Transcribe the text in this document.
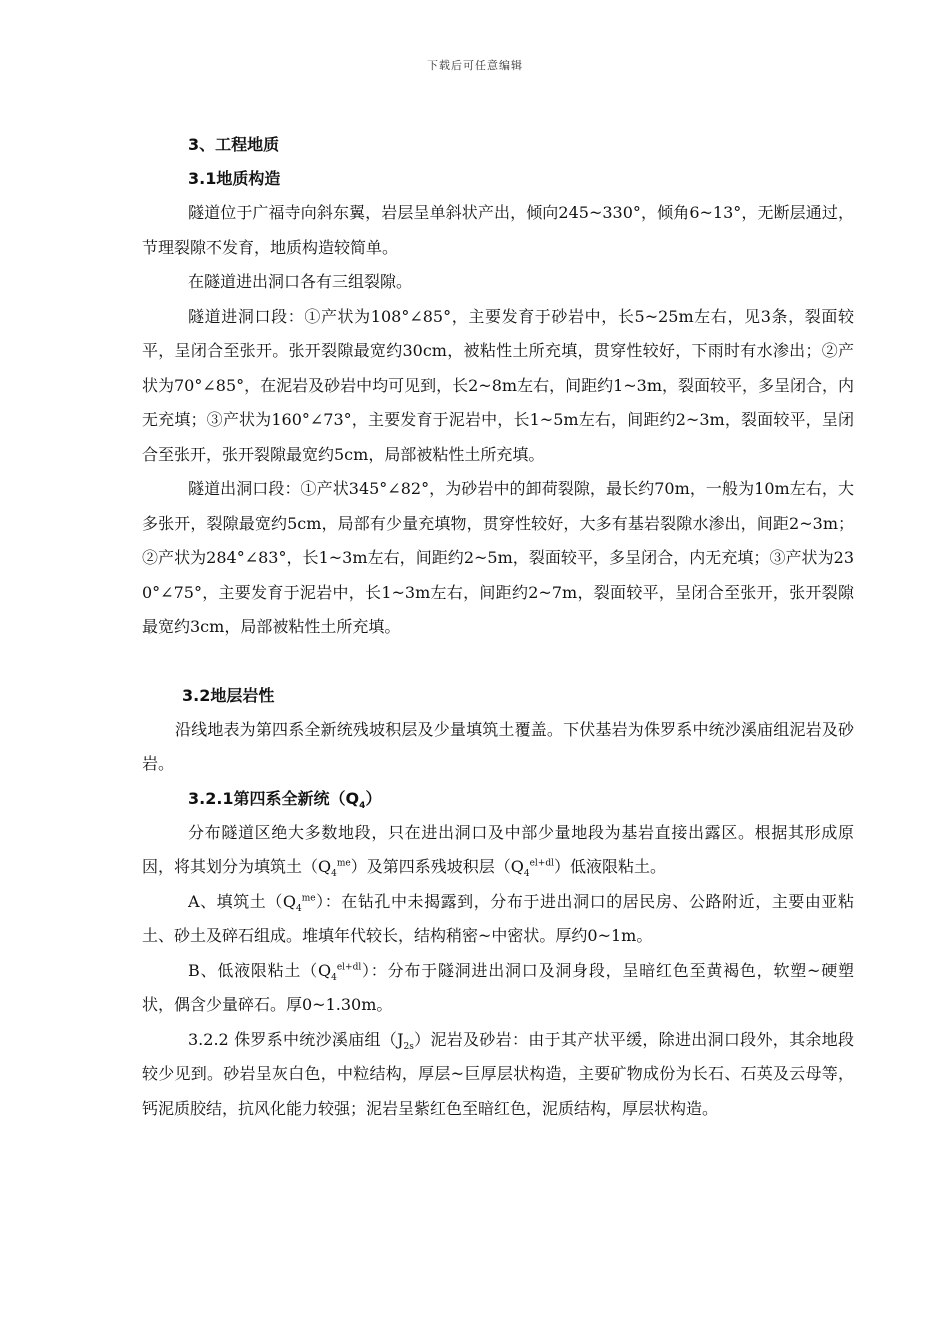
下载后可任意编辑
3、工程地质
3.1地质构造

隧道位于广福寺向斜东翼，岩层呈单斜状产出，倾向245~330°，倾角6~13°，无断层通过，节理裂隙不发育，地质构造较简单。

在隧道进出洞口各有三组裂隙。

隧道进洞口段：①产状为108°∠85°，主要发育于砂岩中，长5~25m左右，见3条，裂面较平，呈闭合至张开。张开裂隙最宽约30cm，被粘性土所充填，贯穿性较好，下雨时有水渗出；②产状为70°∠85°，在泥岩及砂岩中均可见到，长2~8m左右，间距约1~3m，裂面较平，多呈闭合，内无充填；③产状为160°∠73°，主要发育于泥岩中，长1~5m左右，间距约2~3m，裂面较平，呈闭合至张开，张开裂隙最宽约5cm，局部被粘性土所充填。

隧道出洞口段：①产状345°∠82°，为砂岩中的卸荷裂隙，最长约70m，一般为10m左右，大多张开，裂隙最宽约5cm，局部有少量充填物，贯穿性较好，大多有基岩裂隙水渗出，间距2~3m；②产状为284°∠83°，长1~3m左右，间距约2~5m，裂面较平，多呈闭合，内无充填；③产状为230°∠75°，主要发育于泥岩中，长1~3m左右，间距约2~7m，裂面较平，呈闭合至张开，张开裂隙最宽约3cm，局部被粘性土所充填。

3.2地层岩性

沿线地表为第四系全新统残坡积层及少量填筑土覆盖。下伏基岩为侏罗系中统沙溪庙组泥岩及砂岩。

3.2.1第四系全新统$(Q_4)$

分布隧道区绝大多数地段，只在进出洞口及中部少量地段为基岩直接出露区。根据其形成原因，将其划分为填筑土$(Q_4^{me})$及第四系残坡积层$(Q_4^{el+dl})$低液限粘土。

A、填筑土$(Q_4^{me})$：在钻孔中未揭露到，分布于进出洞口的居民房、公路附近，主要由亚粘土、砂土及碎石组成。堆填年代较长，结构稍密~中密状。厚约0~1m。

B、低液限粘土$(Q_4^{el+dl})$：分布于隧洞进出洞口及洞身段，呈暗红色至黄褐色，软塑~硬塑状，偶含少量碎石。厚0~1.30m。

3.2.2 侏罗系中统沙溪庙组$(J_{2s})$泥岩及砂岩：由于其产状平缓，除进出洞口段外，其余地段较少见到。砂岩呈灰白色，中粒结构，厚层~巨厚层状构造，主要矿物成份为长石、石英及云母等，钙泥质胶结，抗风化能力较强；泥岩呈紫红色至暗红色，泥质结构，厚层状构造。
